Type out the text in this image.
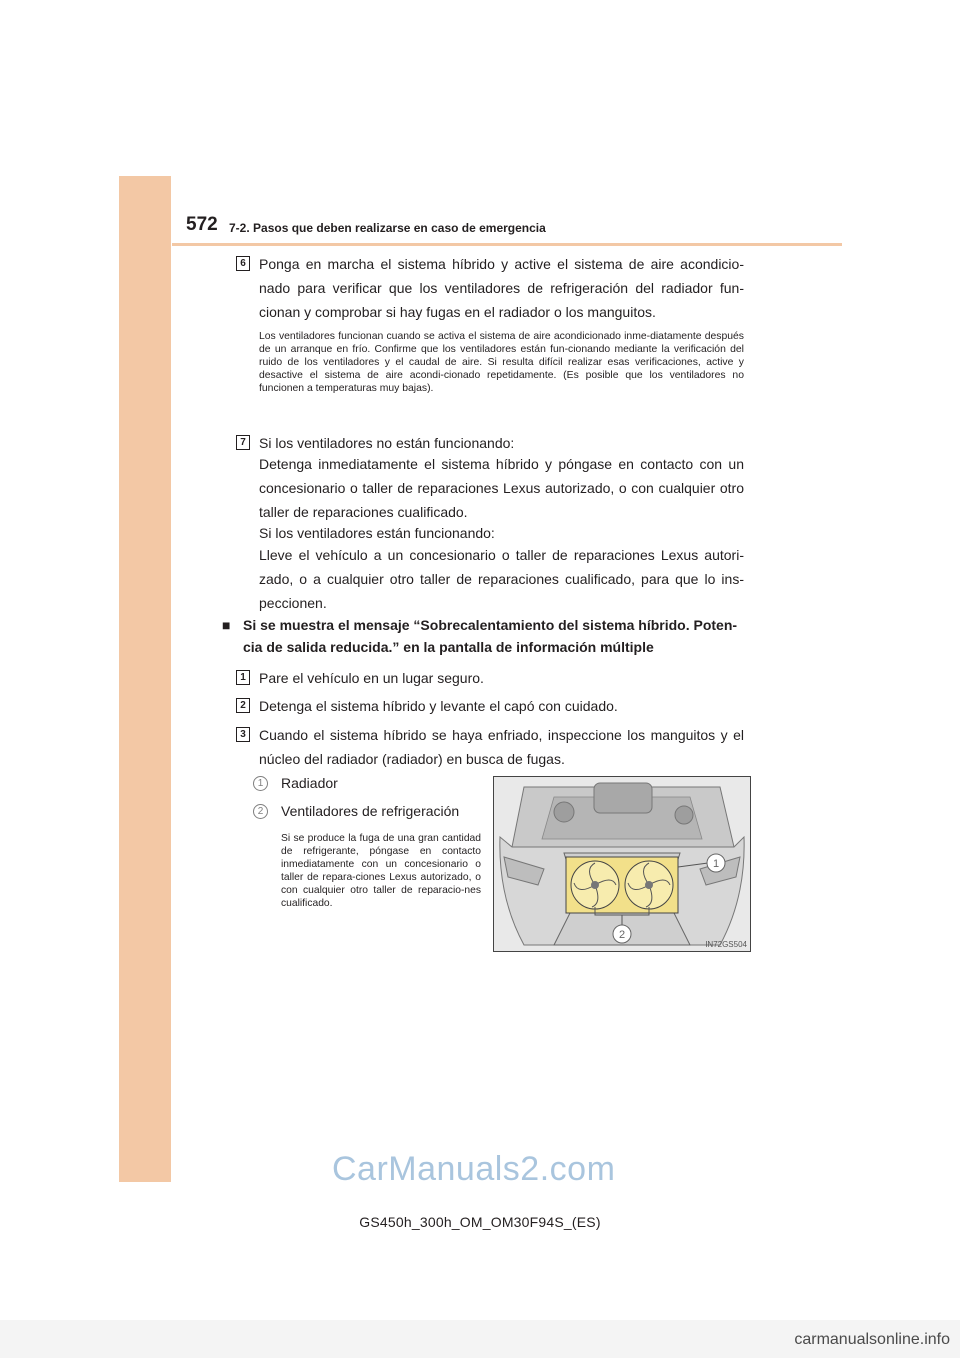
572 7-2. Pasos que deben realizarse en caso de emergencia
6 Ponga en marcha el sistema híbrido y active el sistema de aire acondicio-nado para verificar que los ventiladores de refrigeración del radiador fun-cionan y comprobar si hay fugas en el radiador o los manguitos.
Los ventiladores funcionan cuando se activa el sistema de aire acondicionado inme-diatamente después de un arranque en frío. Confirme que los ventiladores están fun-cionando mediante la verificación del ruido de los ventiladores y el caudal de aire. Si resulta difícil realizar esas verificaciones, active y desactive el sistema de aire acondi-cionado repetidamente. (Es posible que los ventiladores no funcionen a temperaturas muy bajas).
7 Si los ventiladores no están funcionando:
Detenga inmediatamente el sistema híbrido y póngase en contacto con un concesionario o taller de reparaciones Lexus autorizado, o con cualquier otro taller de reparaciones cualificado.
Si los ventiladores están funcionando:
Lleve el vehículo a un concesionario o taller de reparaciones Lexus autori-zado, o a cualquier otro taller de reparaciones cualificado, para que lo ins-peccionen.
■ Si se muestra el mensaje “Sobrecalentamiento del sistema híbrido. Poten-cia de salida reducida.” en la pantalla de información múltiple
1 Pare el vehículo en un lugar seguro.
2 Detenga el sistema híbrido y levante el capó con cuidado.
3 Cuando el sistema híbrido se haya enfriado, inspeccione los manguitos y el núcleo del radiador (radiador) en busca de fugas.
1	Radiador
2	Ventiladores de refrigeración
Si se produce la fuga de una gran cantidad de refrigerante, póngase en contacto inmediatamente con un concesionario o taller de repara-ciones Lexus autorizado, o con cualquier otro taller de reparacio-nes cualificado.
1
2
IN72GS504
CarManuals2.com
GS450h_300h_OM_OM30F94S_(ES)
carmanualsonline.info
